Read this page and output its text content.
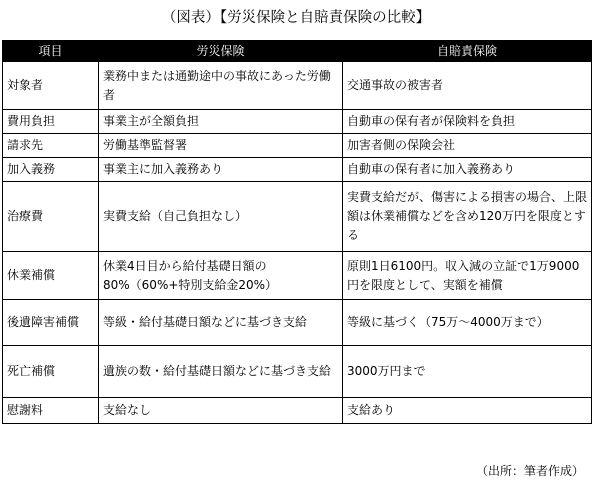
（図表）【労災保険と自賠責保険の比較】
項目	労災保険	自賠責保険
対象者	業務中または通勤途中の事故にあった労働者	交通事故の被害者
費用負担	事業主が全額負担	自動車の保有者が保険料を負担
請求先	労働基準監督署	加害者側の保険会社
加入義務	事業主に加入義務あり	自動車の保有者に加入義務あり
治療費	実費支給（自己負担なし）	実費支給だが、傷害による損害の場合、上限額は休業補償などを含め120万円を限度とする
休業補償	休業4日目から給付基礎日額の80%（60%+特別支給金20%）	原則1日6100円。収入減の立証で1万9000円を限度として、実額を補償
後遺障害補償	等級・給付基礎日額などに基づき支給	等級に基づく（75万～4000万まで）
死亡補償	遺族の数・給付基礎日額などに基づき支給	3000万円まで
慰謝料	支給なし	支給あり
（出所：筆者作成）
